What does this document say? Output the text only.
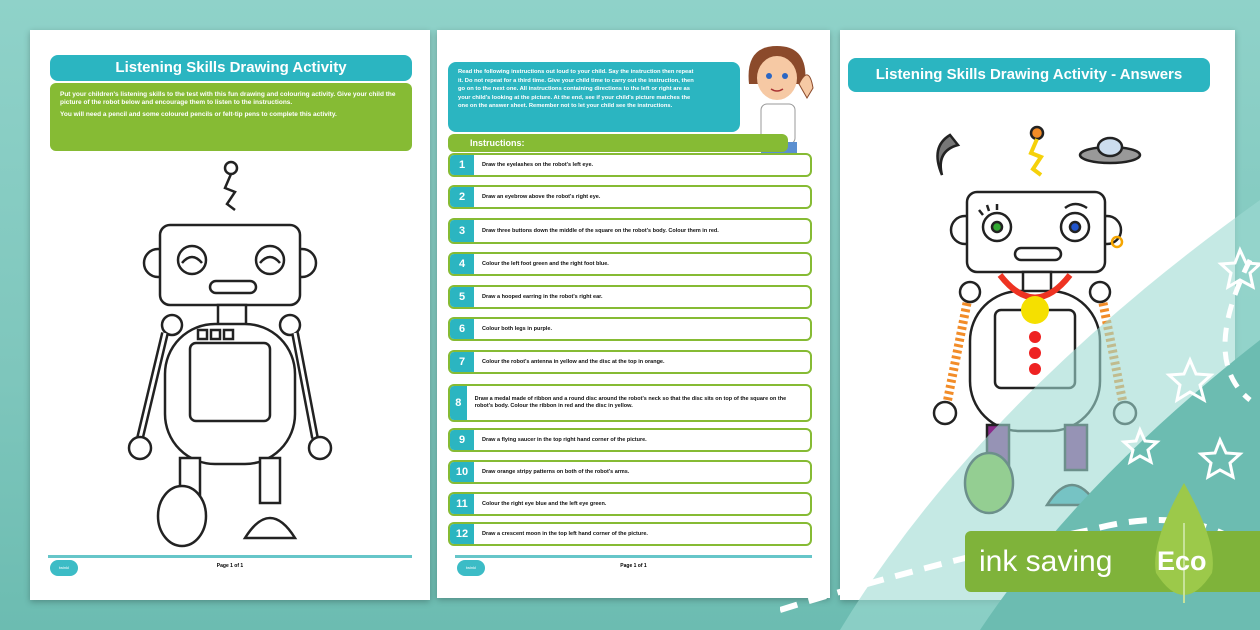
Listening Skills Drawing Activity

Put your children's listening skills to the test with this fun drawing and colouring activity. Give your child the picture of the robot below and encourage them to listen to the instructions.

You will need a pencil and some coloured pencils or felt-tip pens to complete this activity.

twinkl	Page 1 of 1
Read the following instructions out loud to your child. Say the instruction then repeat it. Do not repeat for a third time. Give your child time to carry out the instruction, then go on to the next one. All instructions containing directions to the left or right are as your child's looking at the picture. At the end, see if your child's picture matches the one on the answer sheet. Remember not to let your child see the instructions.
Instructions:
1	Draw the eyelashes on the robot's left eye.
2	Draw an eyebrow above the robot's right eye.
3	Draw three buttons down the middle of the square on the robot's body. Colour them in red.
4	Colour the left foot green and the right foot blue.
5	Draw a hooped earring in the robot's right ear.
6	Colour both legs in purple.
7	Colour the robot's antenna in yellow and the disc at the top in orange.
8	Draw a medal made of ribbon and a round disc around the robot's neck so that the disc sits on top of the square on the robot's body. Colour the ribbon in red and the disc in yellow.
9	Draw a flying saucer in the top right hand corner of the picture.
10	Draw orange stripy patterns on both of the robot's arms.
11	Colour the right eye blue and the left eye green.
12	Draw a crescent moon in the top left hand corner of the picture.
twinkl	Page 1 of 1
Listening Skills Drawing Activity - Answers
ink saving	Eco
